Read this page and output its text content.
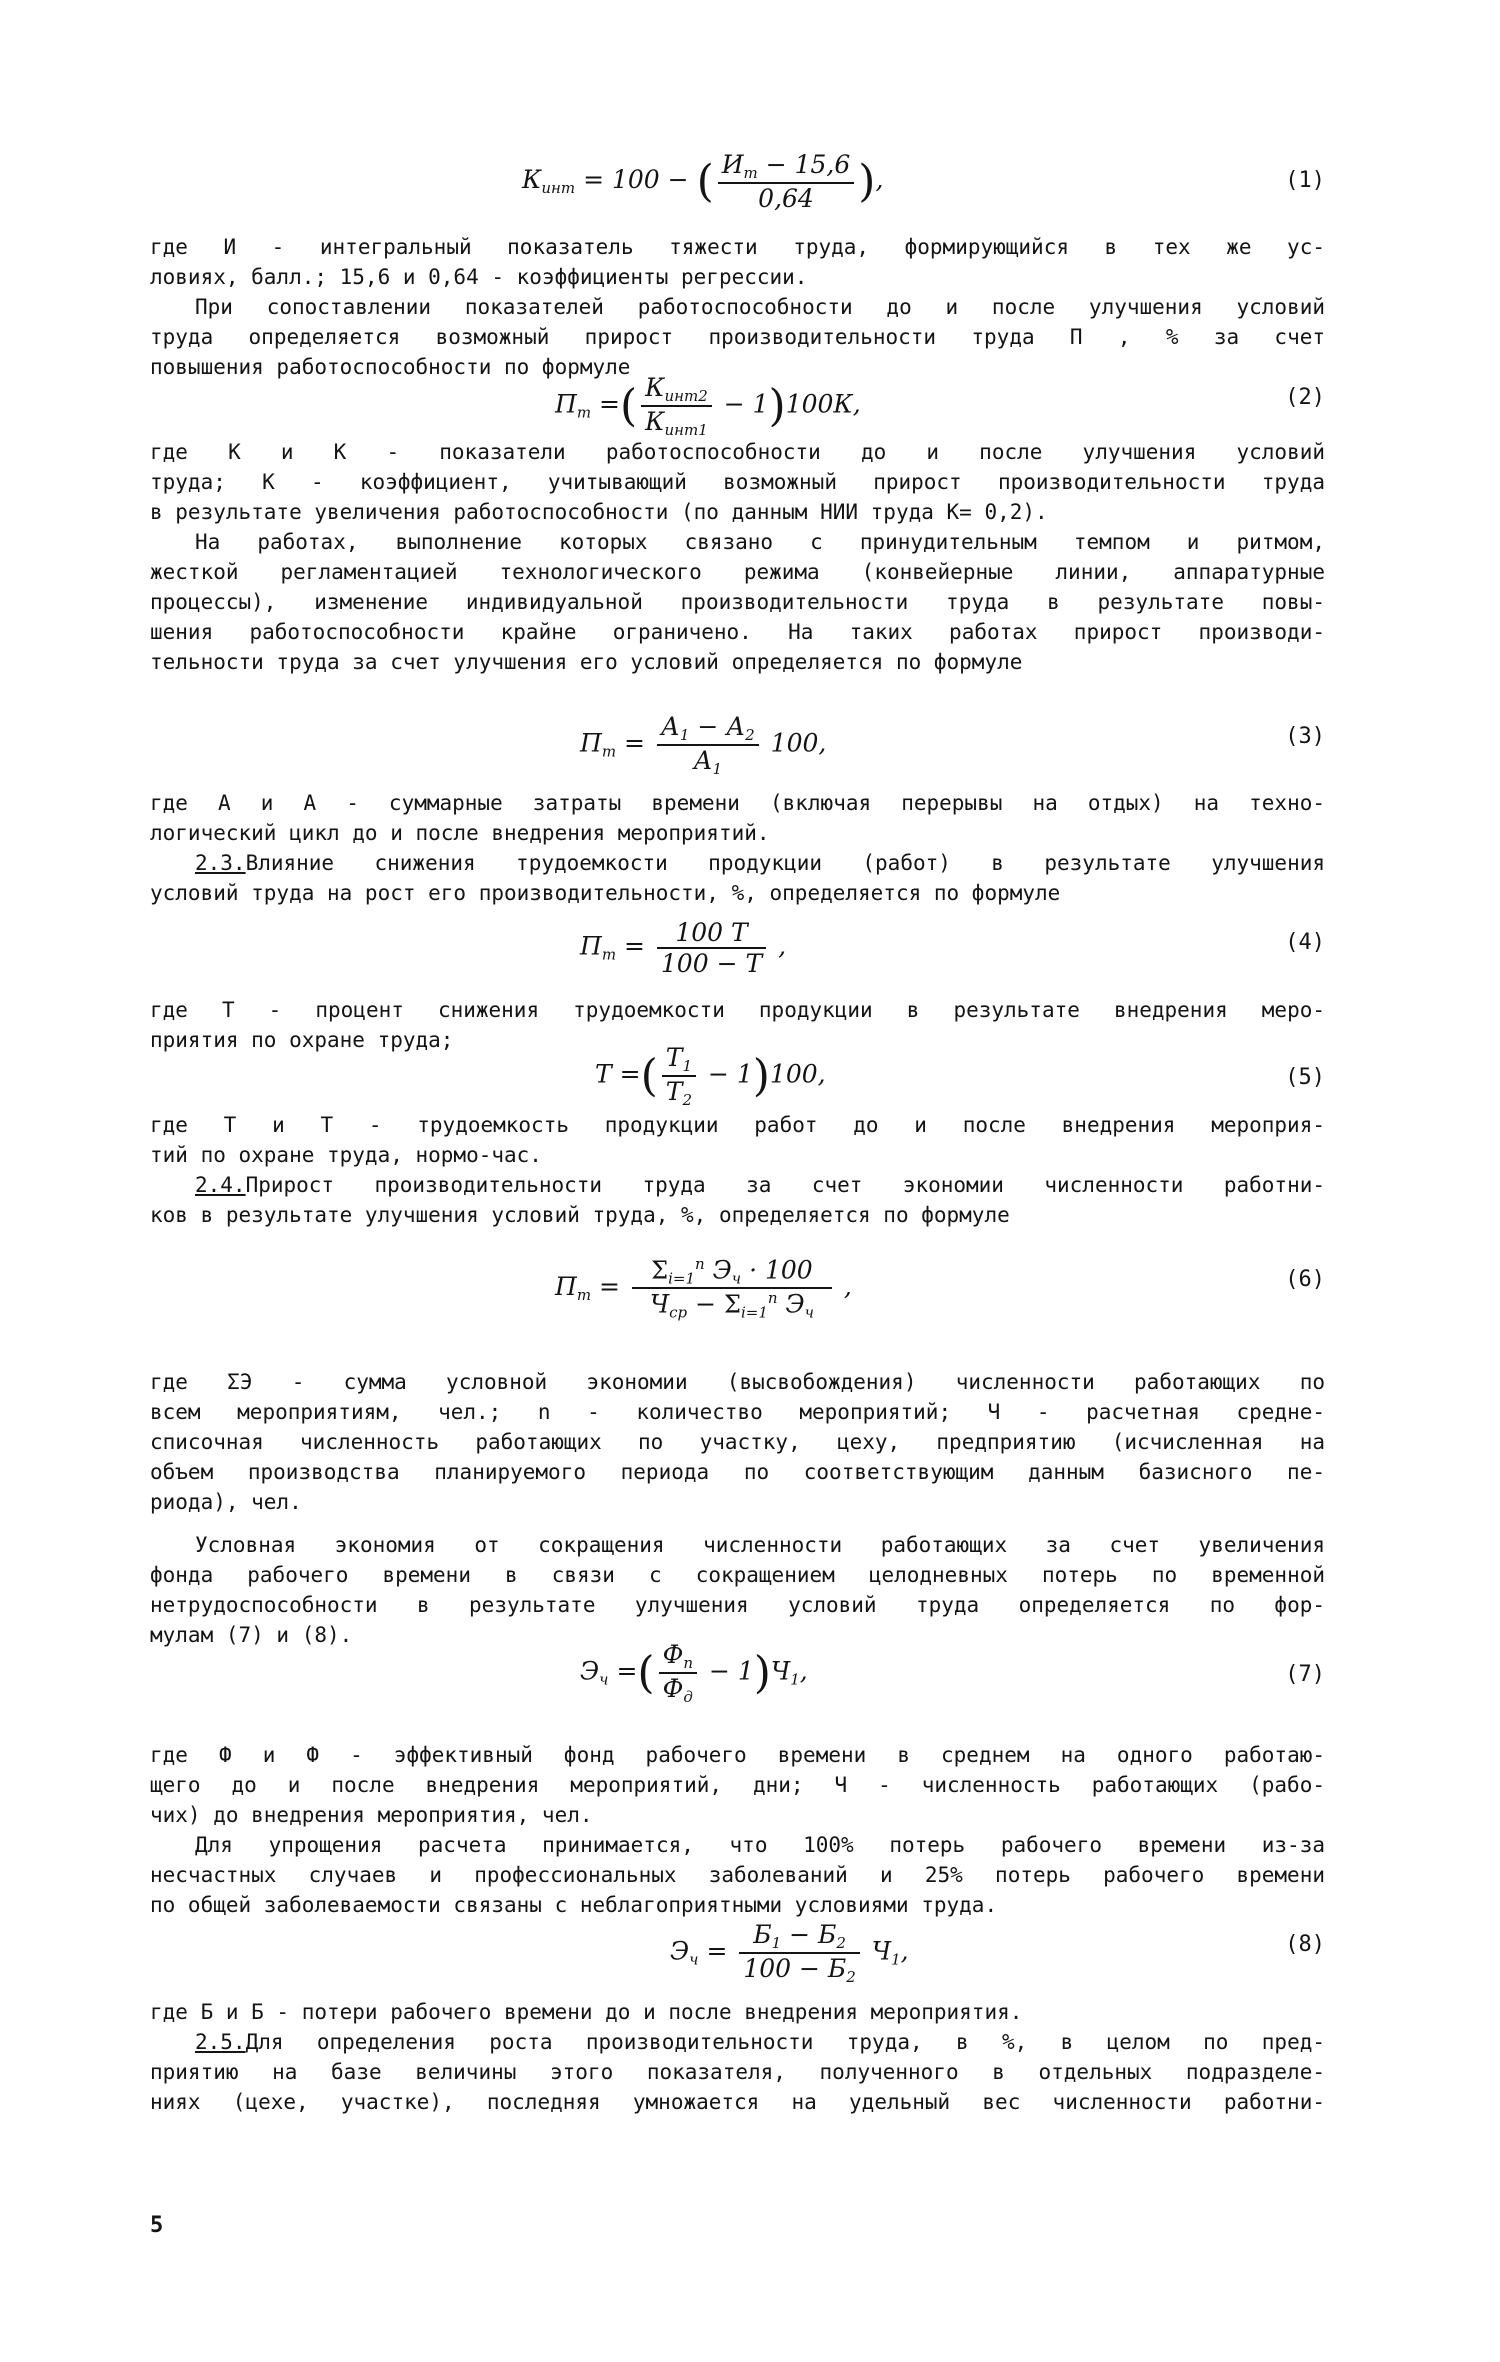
$К_{инт} = 100$ − ( $\frac{И_т - 15,6}{0,64}$ ),	(1)
где И - интегральный показатель тяжести труда, формирующийся в тех же ус-
ловиях, балл.; 15,6 и 0,64 - коэффициенты регрессии.
При сопоставлении показателей работоспособности до и после улучшения условий
труда определяется возможный прирост производительности труда П , % за счет
повышения работоспособности по формуле
$П_т$ =( $\frac{К_{инт2}}{К_{инт1}} - 1)100К$,	(2)
где К и К - показатели работоспособности до и после улучшения условий
труда; К - коэффициент, учитывающий возможный прирост производительности труда
в результате увеличения работоспособности (по данным НИИ труда К= 0,2).
На работах, выполнение которых связано с принудительным темпом и ритмом,
жесткой регламентацией технологического режима (конвейерные линии, аппаратурные
процессы), изменение индивидуальной производительности труда в результате повы-
шения работоспособности крайне ограничено. На таких работах прирост производи-
тельности труда за счет улучшения его условий определяется по формуле
$П_т = \frac{А_1 - А_2}{А_1} 100$,	(3)
где А и А - суммарные затраты времени (включая перерывы на отдых) на техно-
логический цикл до и после внедрения мероприятий.
2.3. Влияние снижения трудоемкости продукции (работ) в результате улучшения
условий труда на рост его производительности, %, определяется по формуле
$П_т = \frac{100 Т}{100 - Т}$ ,	(4)
где Т - процент снижения трудоемкости продукции в результате внедрения меро-
приятия по охране труда;
Т =( $\frac{Т_1}{Т_2} - 1)100$,	(5)
где Т и Т - трудоемкость продукции работ до и после внедрения мероприя-
тий по охране труда, нормо-час.
2.4. Прирост производительности труда за счет экономии численности работни-
ков в результате улучшения условий труда, %, определяется по формуле
$П_т = \frac{\Sigma_{i=1}^n Э_ч \cdot 100}{Ч_{ср} - \Sigma_{i=1}^n Э_ч}$ ,	(6)
где ΣЭ - сумма условной экономии (высвобождения) численности работающих по
всем мероприятиям, чел.; n - количество мероприятий; Ч - расчетная средне-
списочная численность работающих по участку, цеху, предприятию (исчисленная на
объем производства планируемого периода по соответствующим данным базисного пе-
риода), чел.
Условная экономия от сокращения численности работающих за счет увеличения
фонда рабочего времени в связи с сокращением целодневных потерь по временной
нетрудоспособности в результате улучшения условий труда определяется по фор-
мулам (7) и (8).
$Э_ч$ =( $\frac{Ф_п}{Ф_д} - 1)Ч_1$,	(7)
где Ф и Ф - эффективный фонд рабочего времени в среднем на одного работаю-
щего до и после внедрения мероприятий, дни; Ч - численность работающих (рабо-
чих) до внедрения мероприятия, чел.
Для упрощения расчета принимается, что 100% потерь рабочего времени из-за
несчастных случаев и профессиональных заболеваний и 25% потерь рабочего времени
по общей заболеваемости связаны с неблагоприятными условиями труда.
$Э_ч = \frac{Б_1 - Б_2}{100 - Б_2} Ч_1$,	(8)
где Б и Б - потери рабочего времени до и после внедрения мероприятия.
2.5. Для определения роста производительности труда, в %, в целом по пред-
приятию на базе величины этого показателя, полученного в отдельных подразделе-
ниях (цехе, участке), последняя умножается на удельный вес численности работни-
5
